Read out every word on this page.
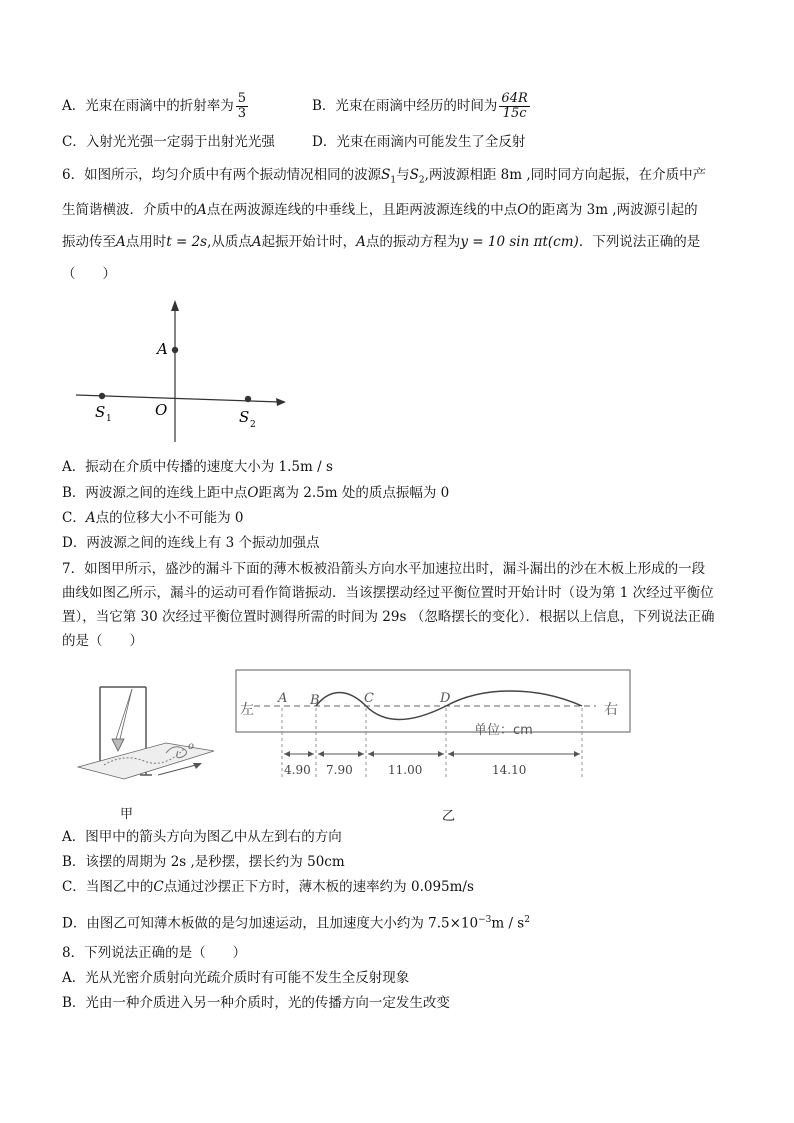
A．光束在雨滴中的折射率为 $\frac{5}{3}$	B．光束在雨滴中经历的时间为 $\frac{64R}{15c}$
C．入射光光强一定弱于出射光光强	D．光束在雨滴内可能发生了全反射
6．如图所示，均匀介质中有两个振动情况相同的波源$S_1$与$S_2$,两波源相距 8m ,同时同方向起振，在介质中产
生简谐横波．介质中的A点在两波源连线的中垂线上，且距两波源连线的中点O的距离为 3m ,两波源引起的
振动传至A点用时t = 2s,从质点A起振开始计时，A点的振动方程为y = 10 sin πt(cm)．下列说法正确的是
（　　）
A
O
S 1	S 2
A．振动在介质中传播的速度大小为 1.5m / s
B．两波源之间的连线上距中点O距离为 2.5m 处的质点振幅为 0
C．A点的位移大小不可能为 0
D．两波源之间的连线上有 3 个振动加强点
7．如图甲所示，盛沙的漏斗下面的薄木板被沿箭头方向水平加速拉出时，漏斗漏出的沙在木板上形成的一段
曲线如图乙所示，漏斗的运动可看作简谐振动．当该摆摆动经过平衡位置时开始计时（设为第 1 次经过平衡位
置），当它第 30 次经过平衡位置时测得所需的时间为 29s （忽略摆长的变化）．根据以上信息，下列说法正确
的是（　　）
o
甲
左	右
单位：cm
A B	C	D
4.90 7.90	11.00	14.10
乙
A．图甲中的箭头方向为图乙中从左到右的方向
B．该摆的周期为 2s ,是秒摆，摆长约为 50cm
C．当图乙中的C点通过沙摆正下方时，薄木板的速率约为 0.095m/s
D．由图乙可知薄木板做的是匀加速运动，且加速度大小约为 $7.5\times 10^{-3}m / s^2$
8．下列说法正确的是（　　）
A．光从光密介质射向光疏介质时有可能不发生全反射现象
B．光由一种介质进入另一种介质时，光的传播方向一定发生改变
